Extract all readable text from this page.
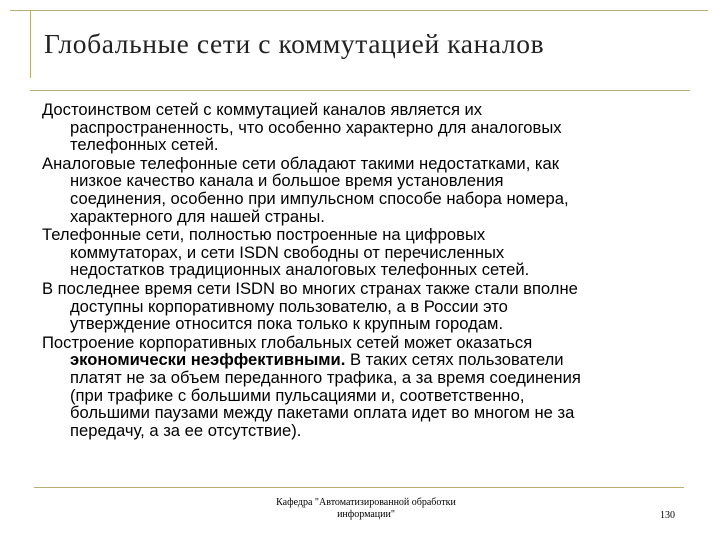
Глобальные сети с коммутацией каналов

Достоинством сетей с коммутацией каналов является их
распространенность, что особенно характерно для аналоговых
телефонных сетей.

Аналоговые телефонные сети обладают такими недостатками, как
низкое качество канала и большое время установления
соединения, особенно при импульсном способе набора номера,
характерного для нашей страны.

Телефонные сети, полностью построенные на цифровых
коммутаторах, и сети ISDN свободны от перечисленных
недостатков традиционных аналоговых телефонных сетей.

В последнее время сети ISDN во многих странах также стали вполне
доступны корпоративному пользователю, а в России это
утверждение относится пока только к крупным городам.

Построение корпоративных глобальных сетей может оказаться
экономически неэффективными. В таких сетях пользователи
платят не за объем переданного трафика, а за время соединения
(при трафике с большими пульсациями и, соответственно,
большими паузами между пакетами оплата идет во многом не за
передачу, а за ее отсутствие).

Кафедра "Автоматизированной обработки
информации"	130
